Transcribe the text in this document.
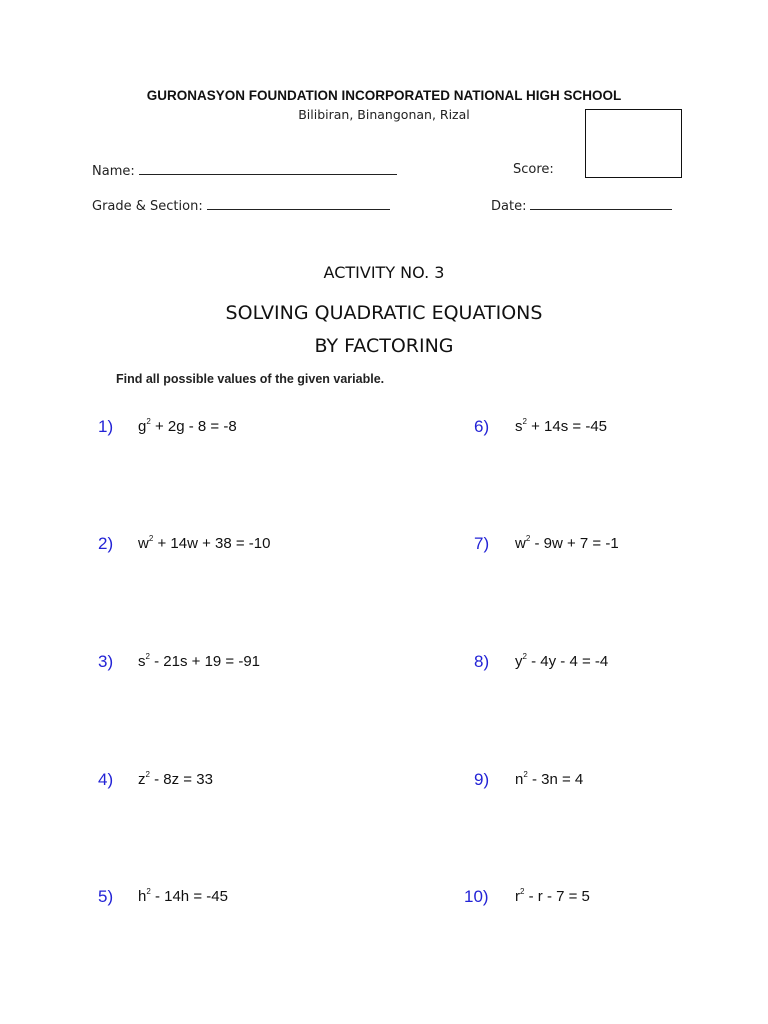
GURONASYON FOUNDATION INCORPORATED NATIONAL HIGH SCHOOL
Bilibiran, Binangonan, Rizal
Name:	Score:
Grade & Section:	Date:
ACTIVITY NO. 3
SOLVING QUADRATIC EQUATIONS
BY FACTORING
Find all possible values of the given variable.
1) $g^2 + 2g - 8 = -8$
2) $w^2 + 14w + 38 = -10$
3) $s^2 - 21s + 19 = -91$
4) $z^2 - 8z = 33$
5) $h^2 - 14h = -45$
6) $s^2 + 14s = -45$
7) $w^2 - 9w + 7 = -1$
8) $y^2 - 4y - 4 = -4$
9) $n^2 - 3n = 4$
10) $r^2 - r - 7 = 5$
